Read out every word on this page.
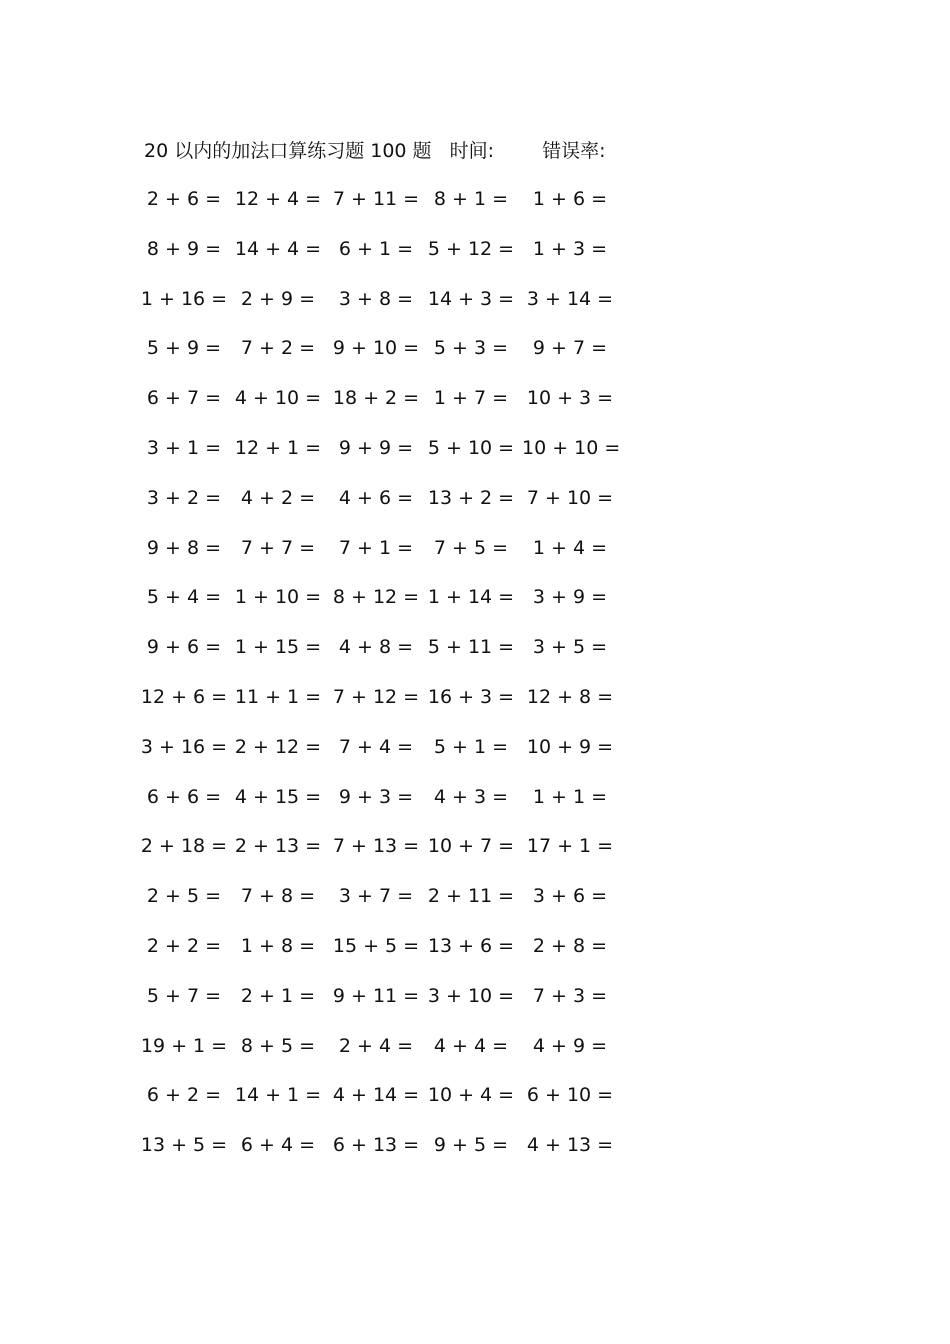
20 以内的加法口算练习题 100 题 时间:	错误率:
2 + 6 = 12 + 4 = 7 + 11 = 8 + 1 =	1 + 6 =
8 + 9 = 14 + 4 = 6 + 1 = 5 + 12 = 1 + 3 =
1 + 16 = 2 + 9 =	3 + 8 = 14 + 3 = 3 + 14 =
5 + 9 =	7 + 2 = 9 + 10 = 5 + 3 =	9 + 7 =
6 + 7 = 4 + 10 = 18 + 2 = 1 + 7 = 10 + 3 =
3 + 1 = 12 + 1 = 9 + 9 = 5 + 10 = 10 + 10 =
3 + 2 =	4 + 2 =	4 + 6 = 13 + 2 = 7 + 10 =
9 + 8 =	7 + 7 =	7 + 1 =	7 + 5 =	1 + 4 =
5 + 4 = 1 + 10 = 8 + 12 = 1 + 14 = 3 + 9 =
9 + 6 = 1 + 15 = 4 + 8 = 5 + 11 = 3 + 5 =
12 + 6 = 11 + 1 = 7 + 12 = 16 + 3 = 12 + 8 =
3 + 16 = 2 + 12 = 7 + 4 =	5 + 1 = 10 + 9 =
6 + 6 = 4 + 15 = 9 + 3 =	4 + 3 =	1 + 1 =
2 + 18 = 2 + 13 = 7 + 13 = 10 + 7 = 17 + 1 =
2 + 5 =	7 + 8 =	3 + 7 = 2 + 11 = 3 + 6 =
2 + 2 =	1 + 8 = 15 + 5 = 13 + 6 = 2 + 8 =
5 + 7 =	2 + 1 = 9 + 11 = 3 + 10 = 7 + 3 =
19 + 1 = 8 + 5 =	2 + 4 =	4 + 4 =	4 + 9 =
6 + 2 = 14 + 1 = 4 + 14 = 10 + 4 = 6 + 10 =
13 + 5 = 6 + 4 = 6 + 13 = 9 + 5 = 4 + 13 =
